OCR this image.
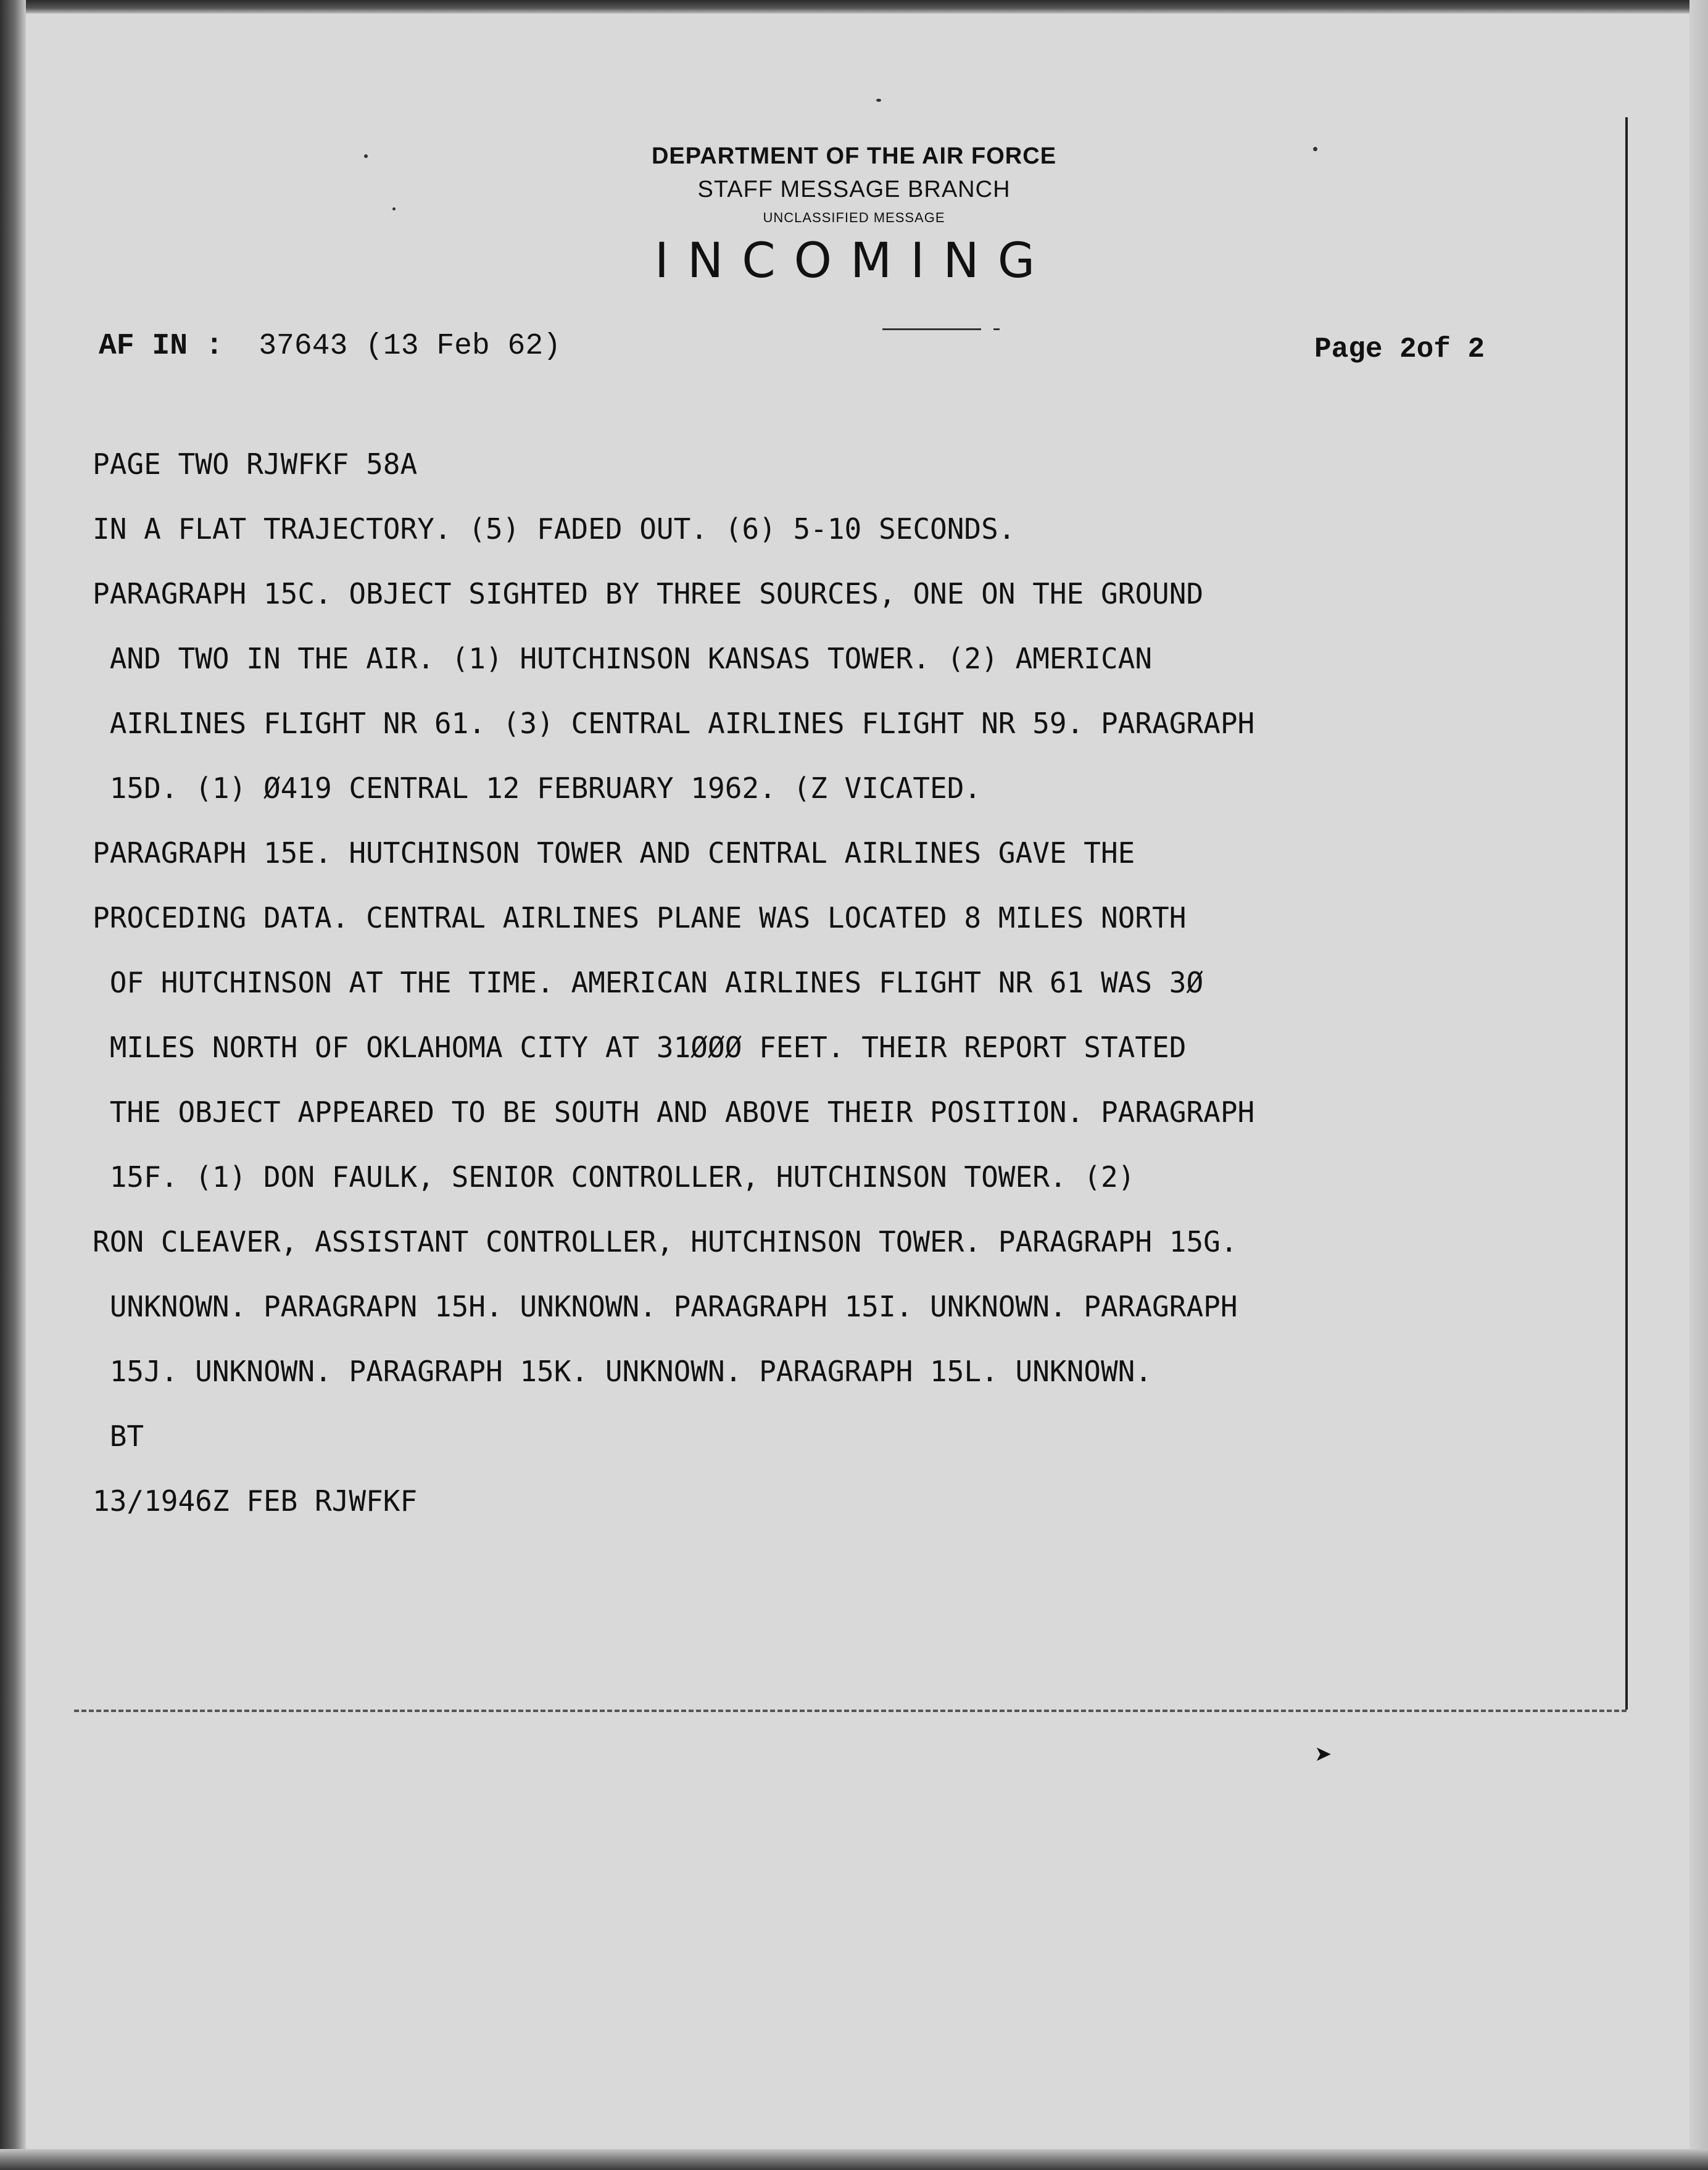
DEPARTMENT OF THE AIR FORCE
STAFF MESSAGE BRANCH
UNCLASSIFIED MESSAGE
INCOMING
AF IN : 37643 (13 Feb 62)	Page 2of 2
PAGE TWO RJWFKF 58A
IN A FLAT TRAJECTORY. (5) FADED OUT. (6) 5-10 SECONDS.
PARAGRAPH 15C. OBJECT SIGHTED BY THREE SOURCES, ONE ON THE GROUND
AND TWO IN THE AIR. (1) HUTCHINSON KANSAS TOWER. (2) AMERICAN
AIRLINES FLIGHT NR 61. (3) CENTRAL AIRLINES FLIGHT NR 59. PARAGRAPH
15D. (1) Ø419 CENTRAL 12 FEBRUARY 1962. (Z VICATED.
PARAGRAPH 15E. HUTCHINSON TOWER AND CENTRAL AIRLINES GAVE THE
PROCEDING DATA. CENTRAL AIRLINES PLANE WAS LOCATED 8 MILES NORTH
OF HUTCHINSON AT THE TIME. AMERICAN AIRLINES FLIGHT NR 61 WAS 3Ø
MILES NORTH OF OKLAHOMA CITY AT 31ØØØ FEET. THEIR REPORT STATED
THE OBJECT APPEARED TO BE SOUTH AND ABOVE THEIR POSITION. PARAGRAPH
15F. (1) DON FAULK, SENIOR CONTROLLER, HUTCHINSON TOWER. (2)
RON CLEAVER, ASSISTANT CONTROLLER, HUTCHINSON TOWER. PARAGRAPH 15G.
UNKNOWN. PARAGRAPN 15H. UNKNOWN. PARAGRAPH 15I. UNKNOWN. PARAGRAPH
15J. UNKNOWN. PARAGRAPH 15K. UNKNOWN. PARAGRAPH 15L. UNKNOWN.
BT
13/1946Z FEB RJWFKF
➤
